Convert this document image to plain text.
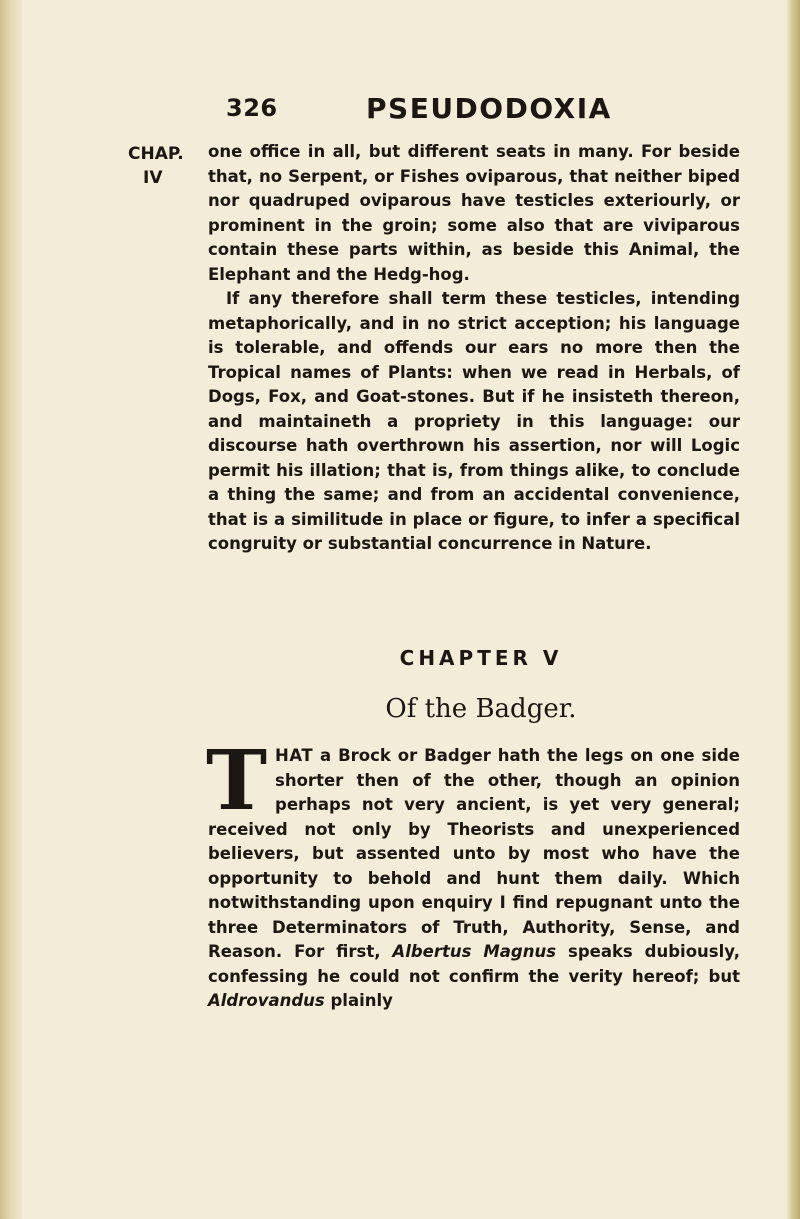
326	PSEUDODOXIA
CHAP.
IV

one office in all, but different seats in many. For beside that, no Serpent, or Fishes oviparous, that neither biped nor quadruped oviparous have testicles exteriourly, or prominent in the groin; some also that are viviparous contain these parts within, as beside this Animal, the Elephant and the Hedg-hog.

If any therefore shall term these testicles, intending metaphorically, and in no strict acception; his language is tolerable, and offends our ears no more then the Tropical names of Plants: when we read in Herbals, of Dogs, Fox, and Goat-stones. But if he insisteth thereon, and maintaineth a propriety in this language: our discourse hath overthrown his assertion, nor will Logic permit his illation; that is, from things alike, to conclude a thing the same; and from an accidental convenience, that is a similitude in place or figure, to infer a specifical congruity or substantial concurrence in Nature.

CHAPTER V
Of the Badger.
THAT a Brock or Badger hath the legs on one side shorter then of the other, though an opinion perhaps not very ancient, is yet very general; received not only by Theorists and unexperienced believers, but assented unto by most who have the opportunity to behold and hunt them daily. Which notwithstanding upon enquiry I find repugnant unto the three Determinators of Truth, Authority, Sense, and Reason. For first, Albertus Magnus speaks dubiously, confessing he could not confirm the verity hereof; but Aldrovandus plainly
